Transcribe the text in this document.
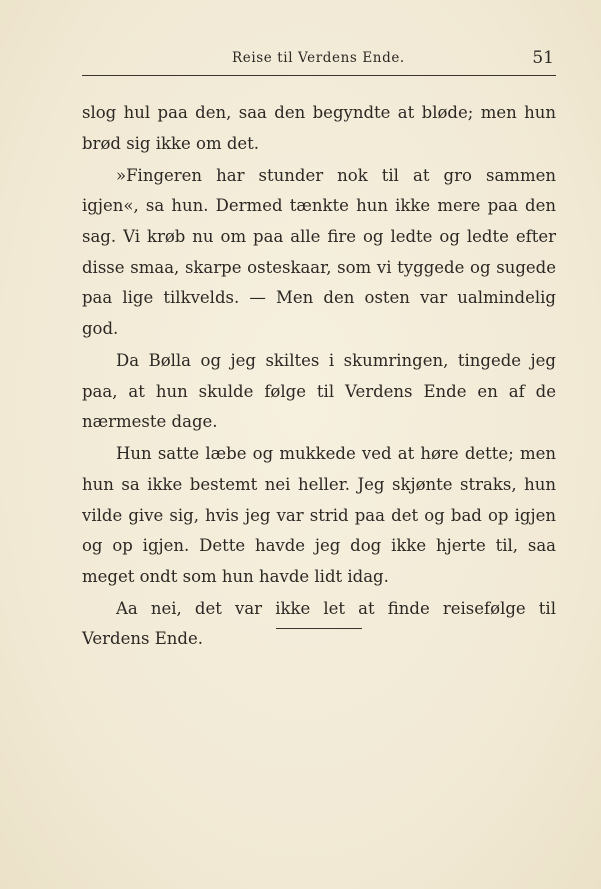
Reise til Verdens Ende.	51

slog hul paa den, saa den begyndte at bløde; men hun brød sig ikke om det.

»Fingeren har stunder nok til at gro sammen igjen«, sa hun. Dermed tænkte hun ikke mere paa den sag. Vi krøb nu om paa alle fire og ledte og ledte efter disse smaa, skarpe osteskaar, som vi tyggede og sugede paa lige tilkvelds. — Men den osten var ualmindelig god.

Da Bølla og jeg skiltes i skumringen, tingede jeg paa, at hun skulde følge til Verdens Ende en af de nærmeste dage.

Hun satte læbe og mukkede ved at høre dette; men hun sa ikke bestemt nei heller. Jeg skjønte straks, hun vilde give sig, hvis jeg var strid paa det og bad op igjen og op igjen. Dette havde jeg dog ikke hjerte til, saa meget ondt som hun havde lidt idag.

Aa nei, det var ikke let at finde reisefølge til Verdens Ende.
